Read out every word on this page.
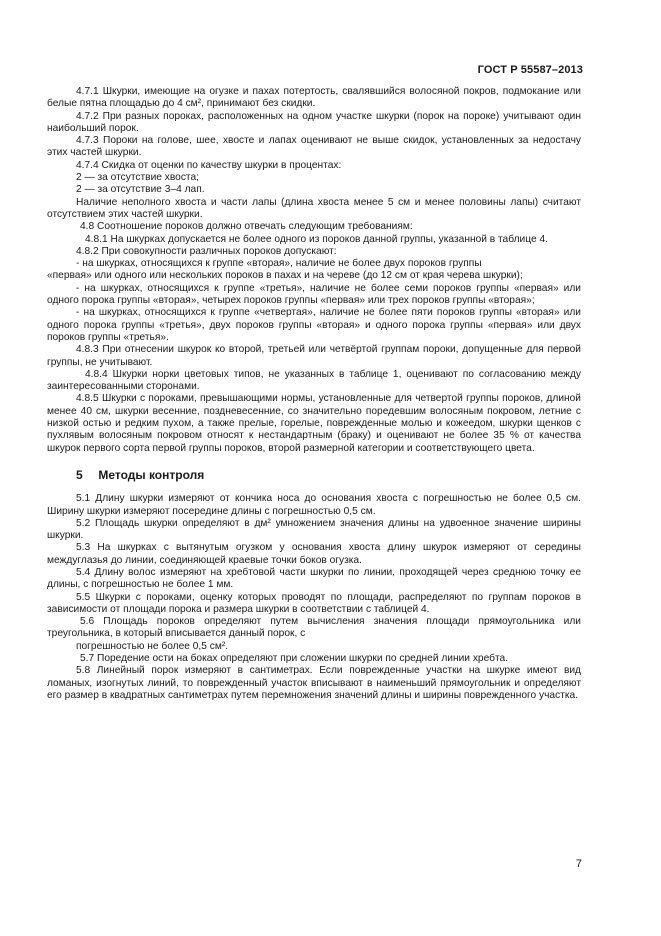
ГОСТ Р 55587–2013

4.7.1 Шкурки, имеющие на огузке и пахах потертость, свалявшийся волосяной покров, подмокание или белые пятна площадью до 4 см², принимают без скидки.

4.7.2 При разных пороках, расположенных на одном участке шкурки (порок на пороке) учитывают один наибольший порок.

4.7.3 Пороки на голове, шее, хвосте и лапах оценивают не выше скидок, установленных за недостачу этих частей шкурки.

4.7.4 Скидка от оценки по качеству шкурки в процентах:

2 — за отсутствие хвоста;

2 — за отсутствие 3–4 лап.

Наличие неполного хвоста и части лапы (длина хвоста менее 5 см и менее половины лапы) считают отсутствием этих частей шкурки.

4.8 Соотношение пороков должно отвечать следующим требованиям:

4.8.1 На шкурках допускается не более одного из пороков данной группы, указанной в таблице 4.

4.8.2 При совокупности различных пороков допускают:

- на шкурках, относящихся к группе «вторая», наличие не более двух пороков группы

«первая» или одного или нескольких пороков в пахах и на череве (до 12 см от края черева шкурки);

- на шкурках, относящихся к группе «третья», наличие не более семи пороков группы «первая» или одного порока группы «вторая», четырех пороков группы «первая» или трех пороков группы «вторая»;

- на шкурках, относящихся к группе «четвертая», наличие не более пяти пороков группы «вторая» или одного порока группы «третья», двух пороков группы «вторая» и одного порока группы «первая» или двух пороков группы «третья».

4.8.3 При отнесении шкурок ко второй, третьей или четвёртой группам пороки, допущенные для первой группы, не учитывают.

4.8.4 Шкурки норки цветовых типов, не указанных в таблице 1, оценивают по согласованию между заинтересованными сторонами.

4.8.5 Шкурки с пороками, превышающими нормы, установленные для четвертой группы пороков, длиной менее 40 см, шкурки весенние, поздневесенние, со значительно поредевшим волосяным покровом, летние с низкой остью и редким пухом, а также прелые, горелые, поврежденные молью и кожеедом, шкурки щенков с пухлявым волосяным покровом относят к нестандартным (браку) и оценивают не более 35 % от качества шкурок первого сорта первой группы пороков, второй размерной категории и соответствующего цвета.

5 Методы контроля

5.1 Длину шкурки измеряют от кончика носа до основания хвоста с погрешностью не более 0,5 см. Ширину шкурки измеряют посередине длины с погрешностью 0,5 см.

5.2 Площадь шкурки определяют в дм² умножением значения длины на удвоенное значение ширины шкурки.

5.3 На шкурках с вытянутым огузком у основания хвоста длину шкурок измеряют от середины междуглазья до линии, соединяющей краевые точки боков огузка.

5.4 Длину волос измеряют на хребтовой части шкурки по линии, проходящей через среднюю точку ее длины, с погрешностью не более 1 мм.

5.5 Шкурки с пороками, оценку которых проводят по площади, распределяют по группам пороков в зависимости от площади порока и размера шкурки в соответствии с таблицей 4.

5.6 Площадь пороков определяют путем вычисления значения площади прямоугольника или треугольника, в который вписывается данный порок, с

погрешностью не более 0,5 см².

5.7 Поредение ости на боках определяют при сложении шкурки по средней линии хребта.

5.8 Линейный порок измеряют в сантиметрах. Если поврежденные участки на шкурке имеют вид ломаных, изогнутых линий, то поврежденный участок вписывают в наименьший прямоугольник и определяют его размер в квадратных сантиметрах путем перемножения значений длины и ширины поврежденного участка.

7
